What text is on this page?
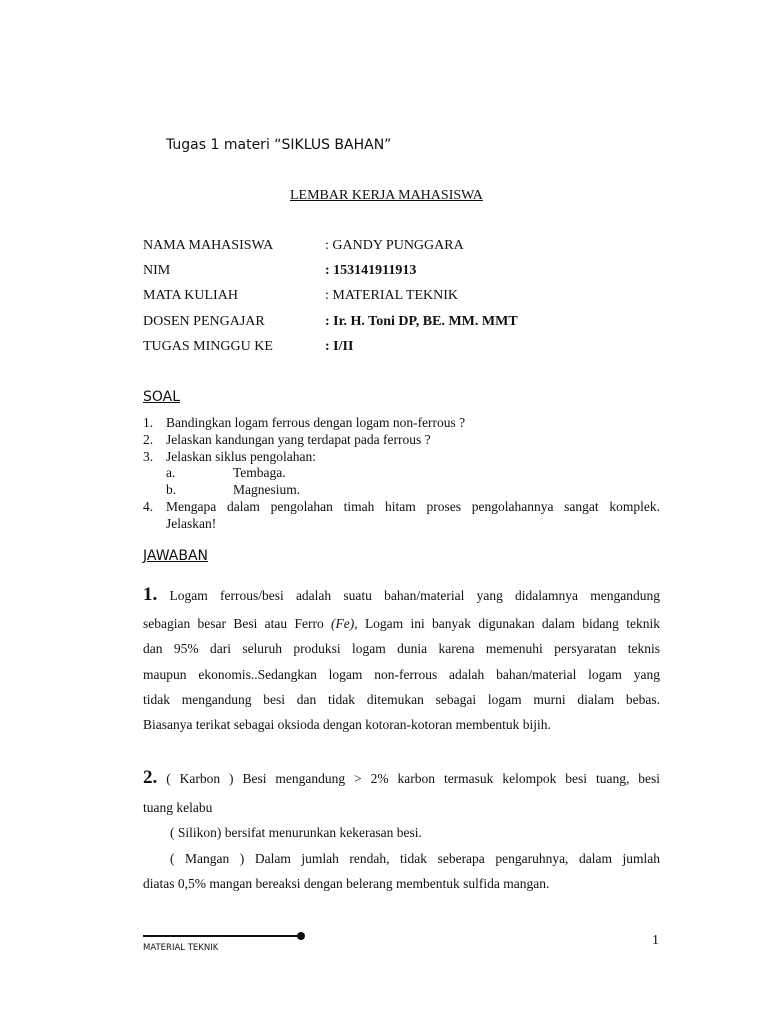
Tugas 1 materi “SIKLUS BAHAN”
LEMBAR KERJA MAHASISWA
NAMA MAHASISWA	: GANDY PUNGGARA
NIM	: 153141911913
MATA KULIAH	: MATERIAL TEKNIK
DOSEN PENGAJAR	: Ir. H. Toni DP, BE. MM. MMT
TUGAS MINGGU KE	: I/II
SOAL
1. Bandingkan logam ferrous dengan logam non-ferrous ?
2. Jelaskan kandungan yang terdapat pada ferrous ?
3. Jelaskan siklus pengolahan:
a.	Tembaga.
b.	Magnesium.
4. Mengapa dalam pengolahan timah hitam proses pengolahannya sangat komplek.
Jelaskan!
JAWABAN
1. Logam ferrous/besi adalah suatu bahan/material yang didalamnya mengandung
sebagian besar Besi atau Ferro (Fe), Logam ini banyak digunakan dalam bidang teknik
dan 95% dari seluruh produksi logam dunia karena memenuhi persyaratan teknis
maupun ekonomis..Sedangkan logam non-ferrous adalah bahan/material logam yang
tidak mengandung besi dan tidak ditemukan sebagai logam murni dialam bebas.
Biasanya terikat sebagai oksioda dengan kotoran-kotoran membentuk bijih.
2. ( Karbon ) Besi mengandung > 2% karbon termasuk kelompok besi tuang, besi
tuang kelabu
( Silikon) bersifat menurunkan kekerasan besi.
( Mangan ) Dalam jumlah rendah, tidak seberapa pengaruhnya, dalam jumlah
diatas 0,5% mangan bereaksi dengan belerang membentuk sulfida mangan.
MATERIAL TEKNIK	1
